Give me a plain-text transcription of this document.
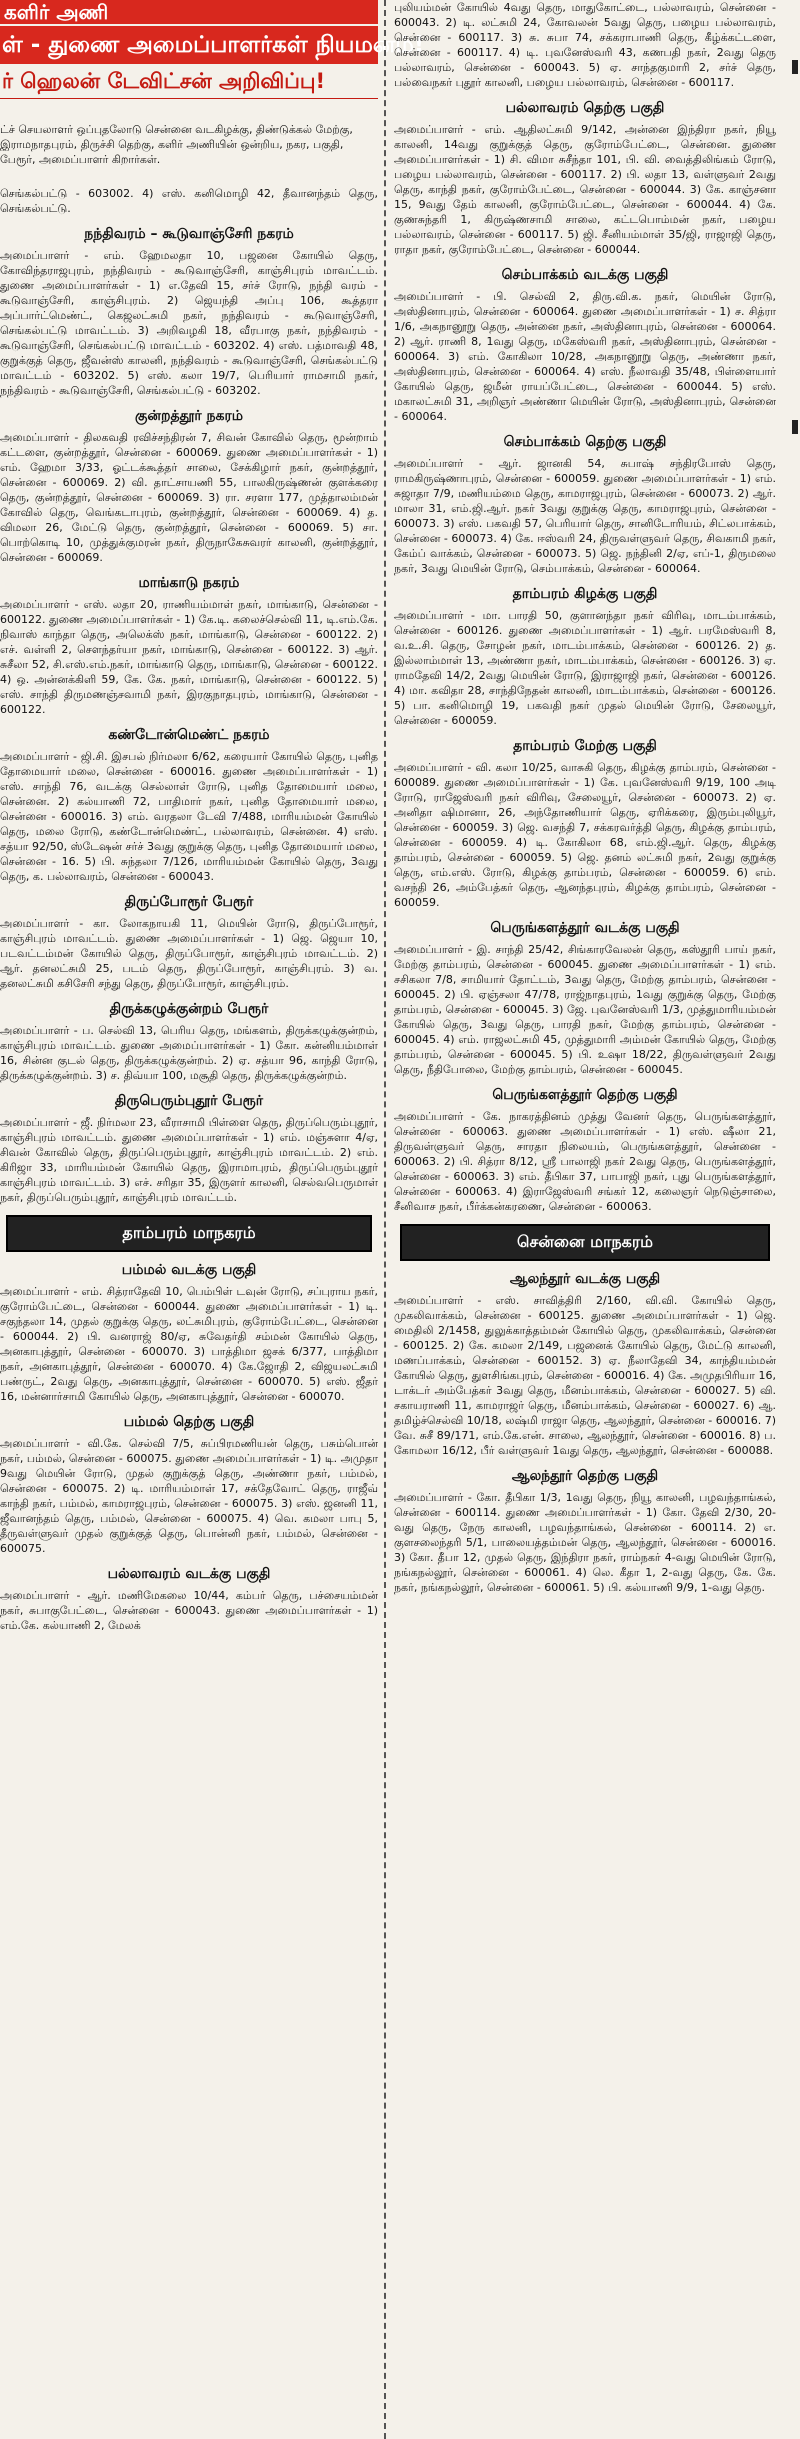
களிர் அணி
ள் - துணை அமைப்பாளர்கள் நியமனம்!
ர் ஹெலன் டேவிட்சன் அறிவிப்பு!

ட்ச் செயலாளர் ஒப்புதலோடு சென்னை வடகிழக்கு, திண்டுக்கல் மேற்கு, இராமநாதபுரம், திருச்சி தெற்கு, களிர் அணியின் ஒன்றிய, நகர, பகுதி, பேரூர், அமைப்பாளர் கிறார்கள்.

செங்கல்பட்டு - 603002. 4) எஸ். கனிமொழி 42, தீவானந்தம் தெரு, செங்கல்பட்டு.

நந்திவரம் – கூடுவாஞ்சேரி நகரம்

அமைப்பாளர் - எம். ஹேமலதா 10, பஜனை கோயில் தெரு, கோவிந்தராஜபுரம், நந்திவரம் - கூடுவாஞ்சேரி, காஞ்சிபுரம் மாவட்டம். துணை அமைப்பாளர்கள் - 1) எ.தேவி 15, சர்ச் ரோடு, நந்தி வரம் - கூடுவாஞ்சேரி, காஞ்சிபுரம். 2) ஜெயந்தி அப்பு 106, கூத்தரா அப்பார்ட்மெண்ட், கெஜலட்சுமி நகர், நந்திவரம் - கூடுவாஞ்சேரி, செங்கல்பட்டு மாவட்டம். 3) அறிவழகி 18, வீரபாகு நகர், நந்திவரம் - கூடுவாஞ்சேரி, செங்கல்பட்டு மாவட்டம் - 603202. 4) எஸ். பத்மாவதி 48, குறுக்குத் தெரு, ஜீவன்ஸ் காலனி, நந்திவரம் - கூடுவாஞ்சேரி, செங்கல்பட்டு மாவட்டம் - 603202. 5) எஸ். கலா 19/7, பெரியார் ராமசாமி நகர், நந்திவரம் - கூடுவாஞ்சேரி, செங்கல்பட்டு - 603202.

குன்றத்தூர் நகரம்

அமைப்பாளர் - திலகவதி ரவிச்சந்திரன் 7, சிவன் கோவில் தெரு, மூன்றாம் கட்டளை, குன்றத்தூர், சென்னை - 600069. துணை அமைப்பாளர்கள் - 1) எம். ஹேமா 3/33, ஓட்டக்கூத்தர் சாலை, சேக்கிழார் நகர், குன்றத்தூர், சென்னை - 600069. 2) வி. தாட்சாயணி 55, பாலகிருஷ்ணன் குளக்கரை தெரு, குன்றத்தூர், சென்னை - 600069. 3) ரா. சரளா 177, முத்தாலம்மன் கோவில் தெரு, வெங்கடாபுரம், குன்றத்தூர், சென்னை - 600069. 4) த. விமலா 26, மேட்டு தெரு, குன்றத்தூர், சென்னை - 600069. 5) சா. பொற்கொடி 10, முத்துக்குமரன் நகர், திருநாகேசுவரர் காலனி, குன்றத்தூர், சென்னை - 600069.

மாங்காடு நகரம்

அமைப்பாளர் - எஸ். லதா 20, ராணியம்மாள் நகர், மாங்காடு, சென்னை - 600122. துணை அமைப்பாளர்கள் - 1) கே.டி. கலைச்செல்வி 11, டி.எம்.கே. நிவாஸ் காந்தா தெரு, அலெக்ஸ் நகர், மாங்காடு, சென்னை - 600122. 2) எச். வள்ளி 2, சௌந்தர்யா நகர், மாங்காடு, சென்னை - 600122. 3) ஆர். சுசீலா 52, சி.எஸ்.எம்.நகர், மாங்காடு தெரு, மாங்காடு, சென்னை - 600122. 4) ஒ. அன்னக்கிளி 59, கே. கே. நகர், மாங்காடு, சென்னை - 600122. 5) எஸ். சாந்தி திருமணஞ்சவாமி நகர், இரகுநாதபுரம், மாங்காடு, சென்னை - 600122.

கண்டோன்மெண்ட் நகரம்

அமைப்பாளர் - ஜி.சி. இசபல் நிர்மலா 6/62, கரையார் கோயில் தெரு, புனித தோமையார் மலை, சென்னை - 600016. துணை அமைப்பாளர்கள் - 1) எஸ். சாந்தி 76, வடக்கு செல்லாள் ரோடு, புனித தோமையார் மலை, சென்னை. 2) கல்யாணி 72, பாதிமார் நகர், புனித தோமையார் மலை, சென்னை - 600016. 3) எம். வரதலா டேவி 7/488, மாரியம்மன் கோயில் தெரு, மலை ரோடு, கண்டோன்மெண்ட், பல்லாவரம், சென்னை. 4) எஸ். சத்யா 92/50, ஸ்டேஷன் சர்ச் 3வது குறுக்கு தெரு, புனித தோமையார் மலை, சென்னை - 16. 5) பி. சுந்தலா 7/126, மாரியம்மன் கோயில் தெரு, 3வது தெரு, க. பல்லாவரம், சென்னை - 600043.

திருப்போரூர் பேரூர்

அமைப்பாளர் - கா. லோகநாயகி 11, மெயின் ரோடு, திருப்போரூர், காஞ்சிபுரம் மாவட்டம். துணை அமைப்பாளர்கள் - 1) ஜெ. ஜெயா 10, படவட்டம்மன் கோயில் தெரு, திருப்போரூர், காஞ்சிபுரம் மாவட்டம். 2) ஆர். தனலட்சுமி 25, படம் தெரு, திருப்போரூர், காஞ்சிபுரம். 3) வ. தனலட்சுமி கசிசேரி சந்து தெரு, திருப்போரூர், காஞ்சிபுரம்.

திருக்கழுக்குன்றம் பேரூர்

அமைப்பாளர் - ப. செல்வி 13, பெரிய தெரு, மங்களம், திருக்கழுக்குன்றம், காஞ்சிபுரம் மாவட்டம். துணை அமைப்பாளர்கள் - 1) கோ. கன்னியம்மாள் 16, சின்ன குடல் தெரு, திருக்கழுக்குன்றம். 2) ஏ. சத்யா 96, காந்தி ரோடு, திருக்கழுக்குன்றம். 3) ச. திவ்யா 100, மசூதி தெரு, திருக்கழுக்குன்றம்.

திருபெரும்புதூர் பேரூர்

அமைப்பாளர் - ஜீ. நிர்மலா 23, வீராசாமி பிள்ளை தெரு, திருப்பெரும்புதூர், காஞ்சிபுரம் மாவட்டம். துணை அமைப்பாளர்கள் - 1) எம். மஞ்சுளா 4/ஏ, சிவன் கோவில் தெரு, திருப்பெரும்புதூர், காஞ்சிபுரம் மாவட்டம். 2) எம். கிரிஜா 33, மாரியம்மன் கோயில் தெரு, இராமாபுரம், திருப்பெரும்புதூர் காஞ்சிபுரம் மாவட்டம். 3) எச். சரிதா 35, இருளர் காலனி, செல்வபெருமாள் நகர், திருப்பெரும்புதூர், காஞ்சிபுரம் மாவட்டம்.

தாம்பரம் மாநகரம்
பம்மல் வடக்கு பகுதி

அமைப்பாளர் - எம். சித்ராதேவி 10, பெம்பிள் டவுன் ரோடு, சப்புராய நகர், குரோம்பேட்டை, சென்னை - 600044. துணை அமைப்பாளர்கள் - 1) டி. சகுந்தலா 14, முதல் குறுக்கு தெரு, லட்சுமிபுரம், குரோம்பேட்டை, சென்னை - 600044. 2) பி. வனராஜ் 80/ஏ, சுவேதர்தி சம்மன் கோயில் தெரு, அனகாபுத்தூர், சென்னை - 600070. 3) பாத்திமா ஜசக் 6/377, பாத்திமா நகர், அனகாபுத்தூர், சென்னை - 600070. 4) கே.ஜோதி 2, விஜயலட்சுமி பண்ருட், 2வது தெரு, அனகாபுத்தூர், சென்னை - 600070. 5) எஸ். ஜீதர் 16, மன்னார்சாமி கோயில் தெரு, அனகாபுத்தூர், சென்னை - 600070.

பம்மல் தெற்கு பகுதி

அமைப்பாளர் - வி.கே. செல்வி 7/5, சுப்பிரமணியன் தெரு, பசும்பொன் நகர், பம்மல், சென்னை - 600075. துணை அமைப்பாளர்கள் - 1) டி. அமுதா 9வது மெயின் ரோடு, முதல் குறுக்குத் தெரு, அண்ணா நகர், பம்மல், சென்னை - 600075. 2) டி. மாரியம்மாள் 17, சக்தேவோட் தெரு, ராஜீவ் காந்தி நகர், பம்மல், காமராஜபுரம், சென்னை - 600075. 3) எஸ். ஜனனி 11, ஜீவானந்தம் தெரு, பம்மல், சென்னை - 600075. 4) வெ. கமலா பாபு 5, தீருவள்ளுவர் முதல் குறுக்குத் தெரு, பொன்னி நகர், பம்மல், சென்னை - 600075.

பல்லாவரம் வடக்கு பகுதி

அமைப்பாளர் - ஆர். மணிமேகலை 10/44, கம்பர் தெரு, பச்சையம்மன் நகர், சுபாகுபேட்டை, சென்னை - 600043. துணை அமைப்பாளர்கள் - 1) எம்.கே. கல்யாணி 2, மேலக்

புலியம்மன் கோயில் 4வது தெரு, மாதுகோட்டை, பல்லாவரம், சென்னை - 600043. 2) டி. லட்சுமி 24, கோவலன் 5வது தெரு, பழைய பல்லாவரம், சென்னை - 600117. 3) சு. சுபா 74, சக்கராபாணி தெரு, கீழ்க்கட்டளை, சென்னை - 600117. 4) டி. புவனேஸ்வரி 43, கணபதி நகர், 2வது தெரு பல்லாவரம், சென்னை - 600043. 5) ஏ. சாந்தகுமாரி 2, சர்ச் தெரு, பல்வைநகர் புதூர் காலனி, பழைய பல்லாவரம், சென்னை - 600117.

பல்லாவரம் தெற்கு பகுதி

அமைப்பாளர் - எம். ஆதிலட்சுமி 9/142, அன்னை இந்திரா நகர், நியூ காலனி, 14வது குறுக்குத் தெரு, குரோம்பேட்டை, சென்னை. துணை அமைப்பாளர்கள் - 1) சி. விமா சுசீந்தா 101, பி. வி. வைத்திலிங்கம் ரோடு, பழைய பல்லாவரம், சென்னை - 600117. 2) பி. லதா 13, வள்ளுவர் 2வது தெரு, காந்தி நகர், குரோம்பேட்டை, சென்னை - 600044. 3) கே. காஞ்சனா 15, 9வது தேம் காலனி, குரோம்பேட்டை, சென்னை - 600044. 4) கே. குணசுந்தரி 1, கிருஷ்ணசாமி சாலை, கட்டபொம்மன் நகர், பழைய பல்லாவரம், சென்னை - 600117. 5) ஜி. சீனியம்மாள் 35/ஜி, ராஜாஜி தெரு, ராதா நகர், குரோம்பேட்டை, சென்னை - 600044.

செம்பாக்கம் வடக்கு பகுதி

அமைப்பாளர் - பி. செல்வி 2, திரு.வி.க. நகர், மெயின் ரோடு, அஸ்தினாபுரம், சென்னை - 600064. துணை அமைப்பாளர்கள் - 1) ச. சித்ரா 1/6, அகநானூறு தெரு, அன்னை நகர், அஸ்தினாபுரம், சென்னை - 600064. 2) ஆர். ராணி 8, 1வது தெரு, மகேஸ்வரி நகர், அஸ்தினாபுரம், சென்னை - 600064. 3) எம். கோகிலா 10/28, அகநானூறு தெரு, அண்ணா நகர், அஸ்தினாபுரம், சென்னை - 600064. 4) எஸ். நீலாவதி 35/48, பிள்ளையார் கோயில் தெரு, ஜமீன் ராயப்பேட்டை, சென்னை - 600044. 5) எஸ். மகாலட்சுமி 31, அறிஞர் அண்ணா மெயின் ரோடு, அஸ்தினாபுரம், சென்னை - 600064.

செம்பாக்கம் தெற்கு பகுதி

அமைப்பாளர் - ஆர். ஜானகி 54, சுபாஷ் சந்திரபோஸ் தெரு, ராமகிருஷ்ணாபுரம், சென்னை - 600059. துணை அமைப்பாளர்கள் - 1) எம். சுஜாதா 7/9, மணியம்மை தெரு, காமராஜபுரம், சென்னை - 600073. 2) ஆர். மாலா 31, எம்.ஜி.ஆர். நகர் 3வது குறுக்கு தெரு, காமராஜபுரம், சென்னை - 600073. 3) எஸ். பகவதி 57, பெரியார் தெரு, சானிடோரியம், சிட்லபாக்கம், சென்னை - 600073. 4) கே. ஈஸ்வரி 24, திருவள்ளுவர் தெரு, சிவகாமி நகர், கேம்ப் வாக்கம், சென்னை - 600073. 5) ஜெ. நந்தினி 2/ஏ, எப்-1, திருமலை நகர், 3வது மெயின் ரோடு, செம்பாக்கம், சென்னை - 600064.

தாம்பரம் கிழக்கு பகுதி

அமைப்பாளர் - மா. பாரதி 50, குளானந்தா நகர் விரிவு, மாடம்பாக்கம், சென்னை - 600126. துணை அமைப்பாளர்கள் - 1) ஆர். பரமேஸ்வரி 8, வ.உ.சி. தெரு, சோழன் நகர், மாடம்பாக்கம், சென்னை - 600126. 2) த. இல்லாம்மாள் 13, அண்ணா நகர், மாடம்பாக்கம், சென்னை - 600126. 3) ஏ. ராமதேவி 14/2, 2வது மெயின் ரோடு, இராஜாஜி நகர், சென்னை - 600126. 4) மா. கவிதா 28, சாந்திநேதன் காலனி, மாடம்பாக்கம், சென்னை - 600126. 5) பா. கனிமொழி 19, பகவதி நகர் முதல் மெயின் ரோடு, சேலையூர், சென்னை - 600059.

தாம்பரம் மேற்கு பகுதி

அமைப்பாளர் - வி. கலா 10/25, வாசுகி தெரு, கிழக்கு தாம்பரம், சென்னை - 600089. துணை அமைப்பாளர்கள் - 1) கே. புவனேஸ்வரி 9/19, 100 அடி ரோடு, ராஜேஸ்வரி நகர் விரிவு, சேலையூர், சென்னை - 600073. 2) ஏ. அனிதா ஷிமானா, 26, அந்தோணியார் தெரு, ஏரிக்கரை, இரும்புலியூர், சென்னை - 600059. 3) ஜெ. வசந்தி 7, சக்கரவர்த்தி தெரு, கிழக்கு தாம்பரம், சென்னை - 600059. 4) டி. கோகிலா 68, எம்.ஜி.ஆர். தெரு, கிழக்கு தாம்பரம், சென்னை - 600059. 5) ஜெ. தனம் லட்சுமி நகர், 2வது குறுக்கு தெரு, எம்.எஸ். ரோடு, கிழக்கு தாம்பரம், சென்னை - 600059. 6) எம். வசந்தி 26, அம்பேத்கர் தெரு, ஆனந்தபுரம், கிழக்கு தாம்பரம், சென்னை - 600059.

பெருங்களத்தூர் வடக்கு பகுதி

அமைப்பாளர் - இ. சாந்தி 25/42, சிங்காரவேலன் தெரு, கஸ்தூரி பாய் நகர், மேற்கு தாம்பரம், சென்னை - 600045. துணை அமைப்பாளர்கள் - 1) எம். சசிகலா 7/8, சாமியார் தோட்டம், 3வது தெரு, மேற்கு தாம்பரம், சென்னை - 600045. 2) பி. ஏஞ்சலா 47/78, ராஜ்நாதபுரம், 1வது குறுக்கு தெரு, மேற்கு தாம்பரம், சென்னை - 600045. 3) ஜே. புவனேஸ்வரி 1/3, முத்துமாரியம்மன் கோயில் தெரு, 3வது தெரு, பாரதி நகர், மேற்கு தாம்பரம், சென்னை - 600045. 4) எம். ராஜலட்சுமி 45, முத்துமாரி அம்மன் கோயில் தெரு, மேற்கு தாம்பரம், சென்னை - 600045. 5) பி. உஷா 18/22, திருவள்ளுவர் 2வது தெரு, நீதிபோலை, மேற்கு தாம்பரம், சென்னை - 600045.

பெருங்களத்தூர் தெற்கு பகுதி

அமைப்பாளர் - கே. நாகரத்தினம் முத்து வேனர் தெரு, பெருங்களத்தூர், சென்னை - 600063. துணை அமைப்பாளர்கள் - 1) எஸ். ஷீலா 21, திருவள்ளுவர் தெரு, சாரதா நிலையம், பெருங்களத்தூர், சென்னை - 600063. 2) பி. சித்ரா 8/12, ஸ்ரீ பாலாஜி நகர் 2வது தெரு, பெருங்களத்தூர், சென்னை - 600063. 3) எம். தீபிகா 37, பாபாஜி நகர், புது பெருங்களத்தூர், சென்னை - 600063. 4) இராஜேஸ்வரி சங்கர் 12, கலைஞர் நெடுஞ்சாலை, சீனிவாச நகர், பீர்க்கன்கரணை, சென்னை - 600063.

சென்னை மாநகரம்
ஆலந்தூர் வடக்கு பகுதி

அமைப்பாளர் - எஸ். சாவித்திரி 2/160, வி.வி. கோயில் தெரு, முகலிவாக்கம், சென்னை - 600125. துணை அமைப்பாளர்கள் - 1) ஜெ. மைதிலி 2/1458, துலுக்காத்தம்மன் கோயில் தெரு, முகலிவாக்கம், சென்னை - 600125. 2) கே. கமலா 2/149, பஜனைக் கோயில் தெரு, மேட்டு காலனி, மணப்பாக்கம், சென்னை - 600152. 3) ஏ. நீலாதேவி 34, காந்தியம்மன் கோயில் தெரு, துளசிங்கபுரம், சென்னை - 600016. 4) கே. அமுதபிரியா 16, டாக்டர் அம்பேத்கர் 3வது தெரு, மீனம்பாக்கம், சென்னை - 600027. 5) வி. சகாயராணி 11, காமராஜர் தெரு, மீனம்பாக்கம், சென்னை - 600027. 6) ஆ. தமிழ்ச்செல்வி 10/18, லஷ்மி ராஜா தெரு, ஆலந்தூர், சென்னை - 600016. 7) வே. சுசீ 89/171, எம்.கே.என். சாலை, ஆலந்தூர், சென்னை - 600016. 8) ப. கோமலா 16/12, பீர் வள்ளுவர் 1வது தெரு, ஆலந்தூர், சென்னை - 600088.

ஆலந்தூர் தெற்கு பகுதி

அமைப்பாளர் - கோ. தீபிகா 1/3, 1வது தெரு, நியூ காலனி, பழவந்தாங்கல், சென்னை - 600114. துணை அமைப்பாளர்கள் - 1) கோ. தேவி 2/30, 20-வது தெரு, நேரு காலனி, பழவந்தாங்கல், சென்னை - 600114. 2) எ. குளசலைந்தரி 5/1, பாலையத்தம்மன் தெரு, ஆலந்தூர், சென்னை - 600016. 3) கோ. தீபா 12, முதல் தெரு, இந்திரா நகர், ராம்நகர் 4-வது மெயின் ரோடு, நங்கநல்லூர், சென்னை - 600061. 4) லெ. கீதா 1, 2-வது தெரு, கே. கே. நகர், நங்கநல்லூர், சென்னை - 600061. 5) பி. கல்யாணி 9/9, 1-வது தெரு.
